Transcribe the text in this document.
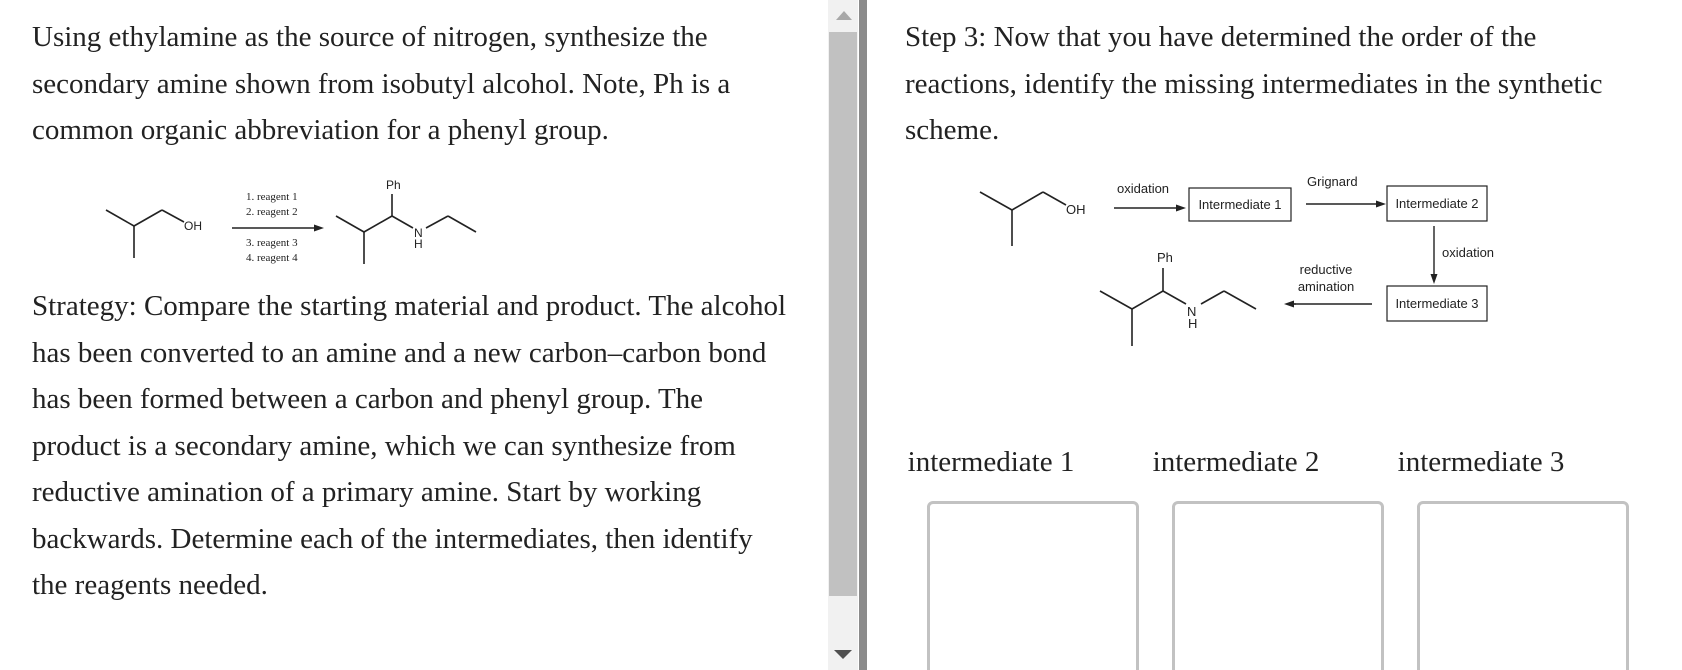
Using ethylamine as the source of nitrogen, synthesize the secondary amine shown from isobutyl alcohol. Note, Ph is a common organic abbreviation for a phenyl group.

OH
1. reagent 1
2. reagent 2
3. reagent 3
4. reagent 4
Ph
N
H

Strategy: Compare the starting material and product. The alcohol has been converted to an amine and a new carbon–carbon bond has been formed between a carbon and phenyl group. The product is a secondary amine, which we can synthesize from reductive amination of a primary amine. Start by working backwards. Determine each of the intermediates, then identify the reagents needed.

Step 3: Now that you have determined the order of the reactions, identify the missing intermediates in the synthetic scheme.

OH
oxidation
Intermediate 1
Grignard
Intermediate 2
oxidation
Intermediate 3
reductive
amination
Ph
N
H
intermediate 1	intermediate 2	intermediate 3
